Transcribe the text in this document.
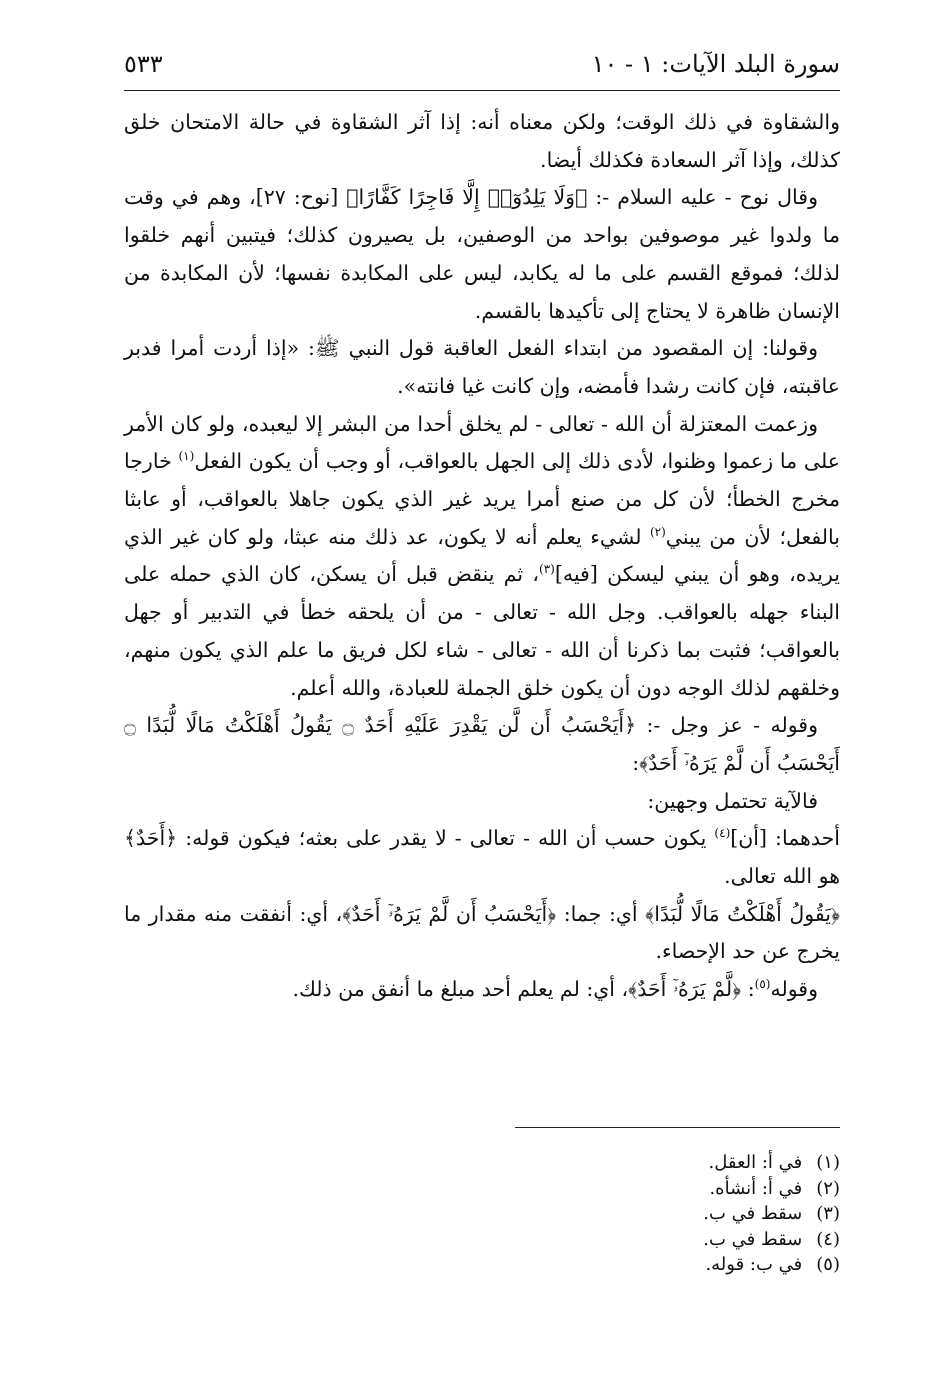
سورة البلد الآيات: ١ - ١٠
٥٣٣

والشقاوة في ذلك الوقت؛ ولكن معناه أنه: إذا آثر الشقاوة في حالة الامتحان خلق كذلك، وإذا آثر السعادة فكذلك أيضا.

وقال نوح - عليه السلام -: ﴿وَلَا يَلِدُوٓا۟ إِلَّا فَاجِرًا كَفَّارًا﴾ [نوح: ٢٧]، وهم في وقت ما ولدوا غير موصوفين بواحد من الوصفين، بل يصيرون كذلك؛ فيتبين أنهم خلقوا لذلك؛ فموقع القسم على ما له يكابد، ليس على المكابدة نفسها؛ لأن المكابدة من الإنسان ظاهرة لا يحتاج إلى تأكيدها بالقسم.

وقولنا: إن المقصود من ابتداء الفعل العاقبة قول النبي ﷺ: «إذا أردت أمرا فدبر عاقبته، فإن كانت رشدا فأمضه، وإن كانت غيا فانته».

وزعمت المعتزلة أن الله - تعالى - لم يخلق أحدا من البشر إلا ليعبده، ولو كان الأمر على ما زعموا وظنوا، لأدى ذلك إلى الجهل بالعواقب، أو وجب أن يكون الفعل$^{(١)}$ خارجا مخرج الخطأ؛ لأن كل من صنع أمرا يريد غير الذي يكون جاهلا بالعواقب، أو عابثا بالفعل؛ لأن من يبني$^{(٢)}$ لشيء يعلم أنه لا يكون، عد ذلك منه عبثا، ولو كان غير الذي يريده، وهو أن يبني ليسكن [فيه]$^{(٣)}$، ثم ينقض قبل أن يسكن، كان الذي حمله على البناء جهله بالعواقب. وجل الله - تعالى - من أن يلحقه خطأ في التدبير أو جهل بالعواقب؛ فثبت بما ذكرنا أن الله - تعالى - شاء لكل فريق ما علم الذي يكون منهم، وخلقهم لذلك الوجه دون أن يكون خلق الجملة للعبادة، والله أعلم.

وقوله - عز وجل -: ﴿أَيَحْسَبُ أَن لَّن يَقْدِرَ عَلَيْهِ أَحَدٌ ۝ يَقُولُ أَهْلَكْتُ مَالًا لُّبَدًا ۝ أَيَحْسَبُ أَن لَّمْ يَرَهُۥٓ أَحَدٌ﴾:

فالآية تحتمل وجهين:

أحدهما: [أن]$^{(٤)}$ يكون حسب أن الله - تعالى - لا يقدر على بعثه؛ فيكون قوله: ﴿أَحَدٌ﴾ هو الله تعالى.

﴿يَقُولُ أَهْلَكْتُ مَالًا لُّبَدًا﴾ أي: جما: ﴿أَيَحْسَبُ أَن لَّمْ يَرَهُۥٓ أَحَدٌ﴾، أي: أنفقت منه مقدار ما يخرج عن حد الإحصاء.

وقوله$^{(٥)}$: ﴿لَّمْ يَرَهُۥٓ أَحَدٌ﴾، أي: لم يعلم أحد مبلغ ما أنفق من ذلك.

(١) في أ: العقل.
(٢) في أ: أنشأه.
(٣) سقط في ب.
(٤) سقط في ب.
(٥) في ب: قوله.
